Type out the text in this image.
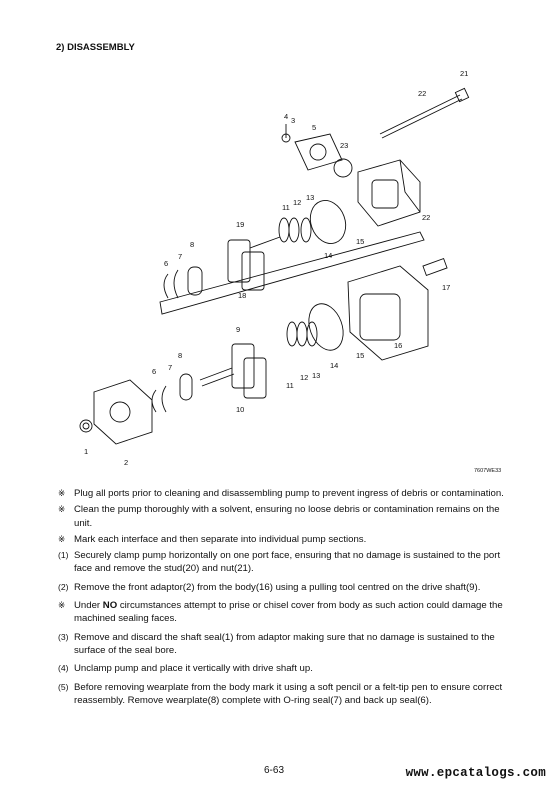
2) DISASSEMBLY
21
22
4 3
5
23
22
15
13
12
11
14
19
18
8
7
6
17
16
15
14
9
10
11
12 13
8
7
6
1
2
7607WE33
※ Plug all ports prior to cleaning and disassembling pump to prevent ingress of debris or contamination.
※ Clean the pump thoroughly with a solvent, ensuring no loose debris or contamination remains on the unit.
※ Mark each interface and then separate into individual pump sections.
(1) Securely clamp pump horizontally on one port face, ensuring that no damage is sustained to the port face and remove the stud(20) and nut(21).
(2) Remove the front adaptor(2) from the body(16) using a pulling tool centred on the drive shaft(9).
※ Under NO circumstances attempt to prise or chisel cover from body as such action could damage the machined sealing faces.
(3) Remove and discard the shaft seal(1) from adaptor making sure that no damage is sustained to the surface of the seal bore.
(4) Unclamp pump and place it vertically with drive shaft up.
(5) Before removing wearplate from the body mark it using a soft pencil or a felt-tip pen to ensure correct reassembly. Remove wearplate(8) complete with O-ring seal(7) and back up seal(6).
6-63	www.epcatalogs.com
